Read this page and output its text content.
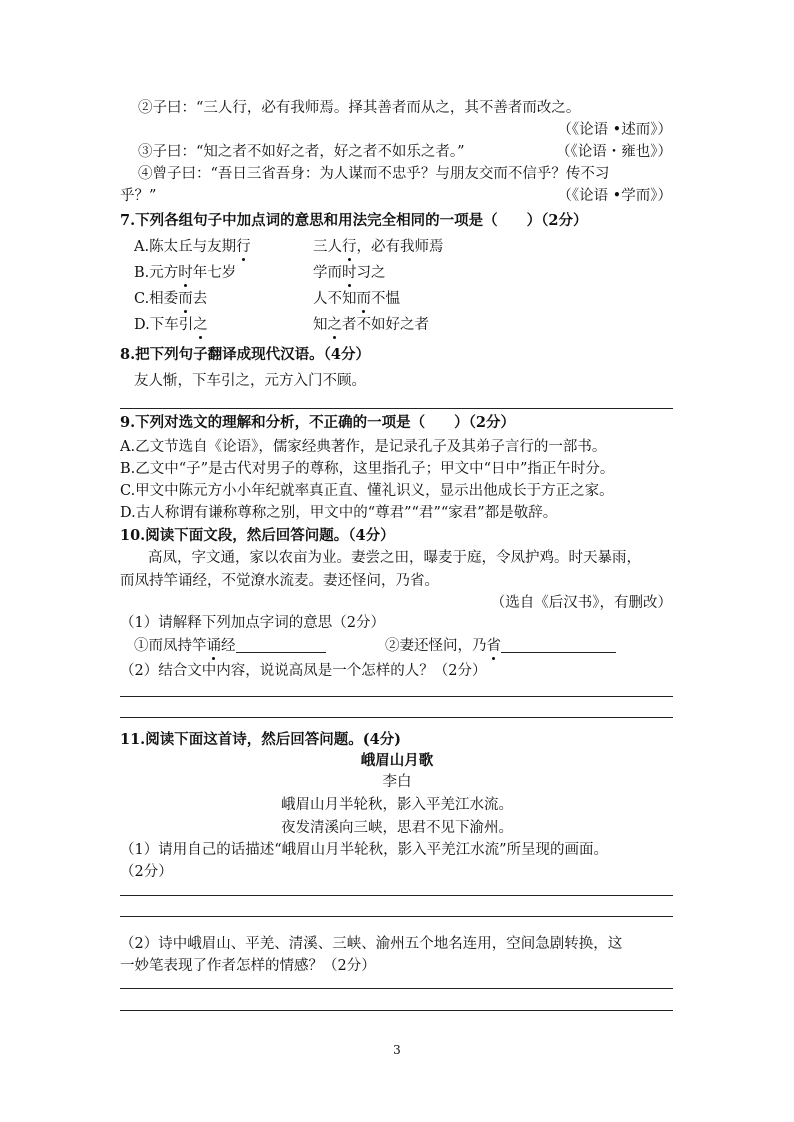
②子曰：“三人行，必有我师焉。择其善者而从之，其不善者而改之。
（《论语 •述而》）
③子曰：“知之者不如好之者，好之者不如乐之者。”	（《论语・雍也》）
④曾子曰：“吾日三省吾身：为人谋而不忠乎？与朋友交而不信乎？传不习
乎？”	（《论语 •学而》）
7.下列各组句子中加点词的意思和用法完全相同的一项是（　　）（2分）
A.陈太丘与友期行	三人行，必有我师焉
B.元方时年七岁	学而时习之
C.相委而去	人不知而不愠
D.下车引之	知之者不如好之者
8.把下列句子翻译成现代汉语。（4分）
友人惭，下车引之，元方入门不顾。
9.下列对选文的理解和分析，不正确的一项是（　　）（2分）
A.乙文节选自《论语》，儒家经典著作，是记录孔子及其弟子言行的一部书。
B.乙文中“子”是古代对男子的尊称，这里指孔子；甲文中“日中”指正午时分。
C.甲文中陈元方小小年纪就率真正直、懂礼识义，显示出他成长于方正之家。
D.古人称谓有谦称尊称之别，甲文中的“尊君”“君”“家君”都是敬辞。
10.阅读下面文段，然后回答问题。（4分）
高凤，字文通，家以农亩为业。妻尝之田，曝麦于庭，令凤护鸡。时天暴雨，
而凤持竿诵经，不觉潦水流麦。妻还怪问，乃省。
（选自《后汉书》，有删改）
（1）请解释下列加点字词的意思（2分）
①而凤持竿诵经	②妻还怪问，乃省
（2）结合文中内容，说说高凤是一个怎样的人？（2分）
11.阅读下面这首诗，然后回答问题。(4分)
峨眉山月歌
李白
峨眉山月半轮秋，影入平羌江水流。
夜发清溪向三峡，思君不见下渝州。
（1）请用自己的话描述“峨眉山月半轮秋，影入平羌江水流”所呈现的画面。
（2分）
（2）诗中峨眉山、平羌、清溪、三峡、渝州五个地名连用，空间急剧转换，这
一妙笔表现了作者怎样的情感？（2分）
3
